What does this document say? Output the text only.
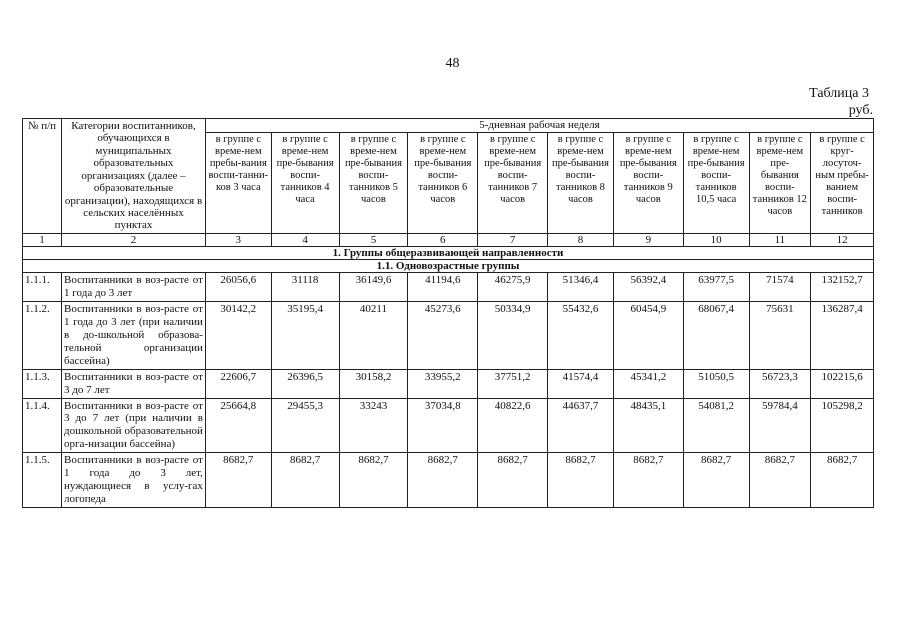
48
Таблица 3
руб.
№ п/п	Категории воспитанников, обучающихся в муниципальных образовательных организациях (далее – образовательные организации), находящихся в сельских населённых пунктах	5-дневная рабочая неделя									
		в группе с време-нем пребы-вания воспи-танни-ков 3 часа	в группе с време-нем пре-бывания воспи-танников 4 часа	в группе с време-нем пре-бывания воспи-танников 5 часов	в группе с време-нем пре-бывания воспи-танников 6 часов	в группе с време-нем пре-бывания воспи-танников 7 часов	в группе с време-нем пре-бывания воспи-танников 8 часов	в группе с време-нем пре-бывания воспи-танников 9 часов	в группе с време-нем пре-бывания воспи-танников 10,5 часа	в группе с време-нем пре-бывания воспи-танников 12 часов	в группе с круг-лосуточ-ным пребы-ванием воспи-танников
1	2	3	4	5	6	7	8	9	10	11	12
1. Группы общеразвивающей направленности											
1.1. Одновозрастные группы											
1.1.1.	Воспитанники в воз-расте от 1 года до 3 лет	26056,6	31118	36149,6	41194,6	46275,9	51346,4	56392,4	63977,5	71574	132152,7
1.1.2.	Воспитанники в воз-расте от 1 года до 3 лет (при наличии в до-школьной образова-тельной организации бассейна)	30142,2	35195,4	40211	45273,6	50334,9	55432,6	60454,9	68067,4	75631	136287,4
1.1.3.	Воспитанники в воз-расте от 3 до 7 лет	22606,7	26396,5	30158,2	33955,2	37751,2	41574,4	45341,2	51050,5	56723,3	102215,6
1.1.4.	Воспитанники в воз-расте от 3 до 7 лет (при наличии в дошкольной образовательной орга-низации бассейна)	25664,8	29455,3	33243	37034,8	40822,6	44637,7	48435,1	54081,2	59784,4	105298,2
1.1.5.	Воспитанники в воз-расте от 1 года до 3 лет, нуждающиеся в услу-гах логопеда	8682,7	8682,7	8682,7	8682,7	8682,7	8682,7	8682,7	8682,7	8682,7	8682,7
